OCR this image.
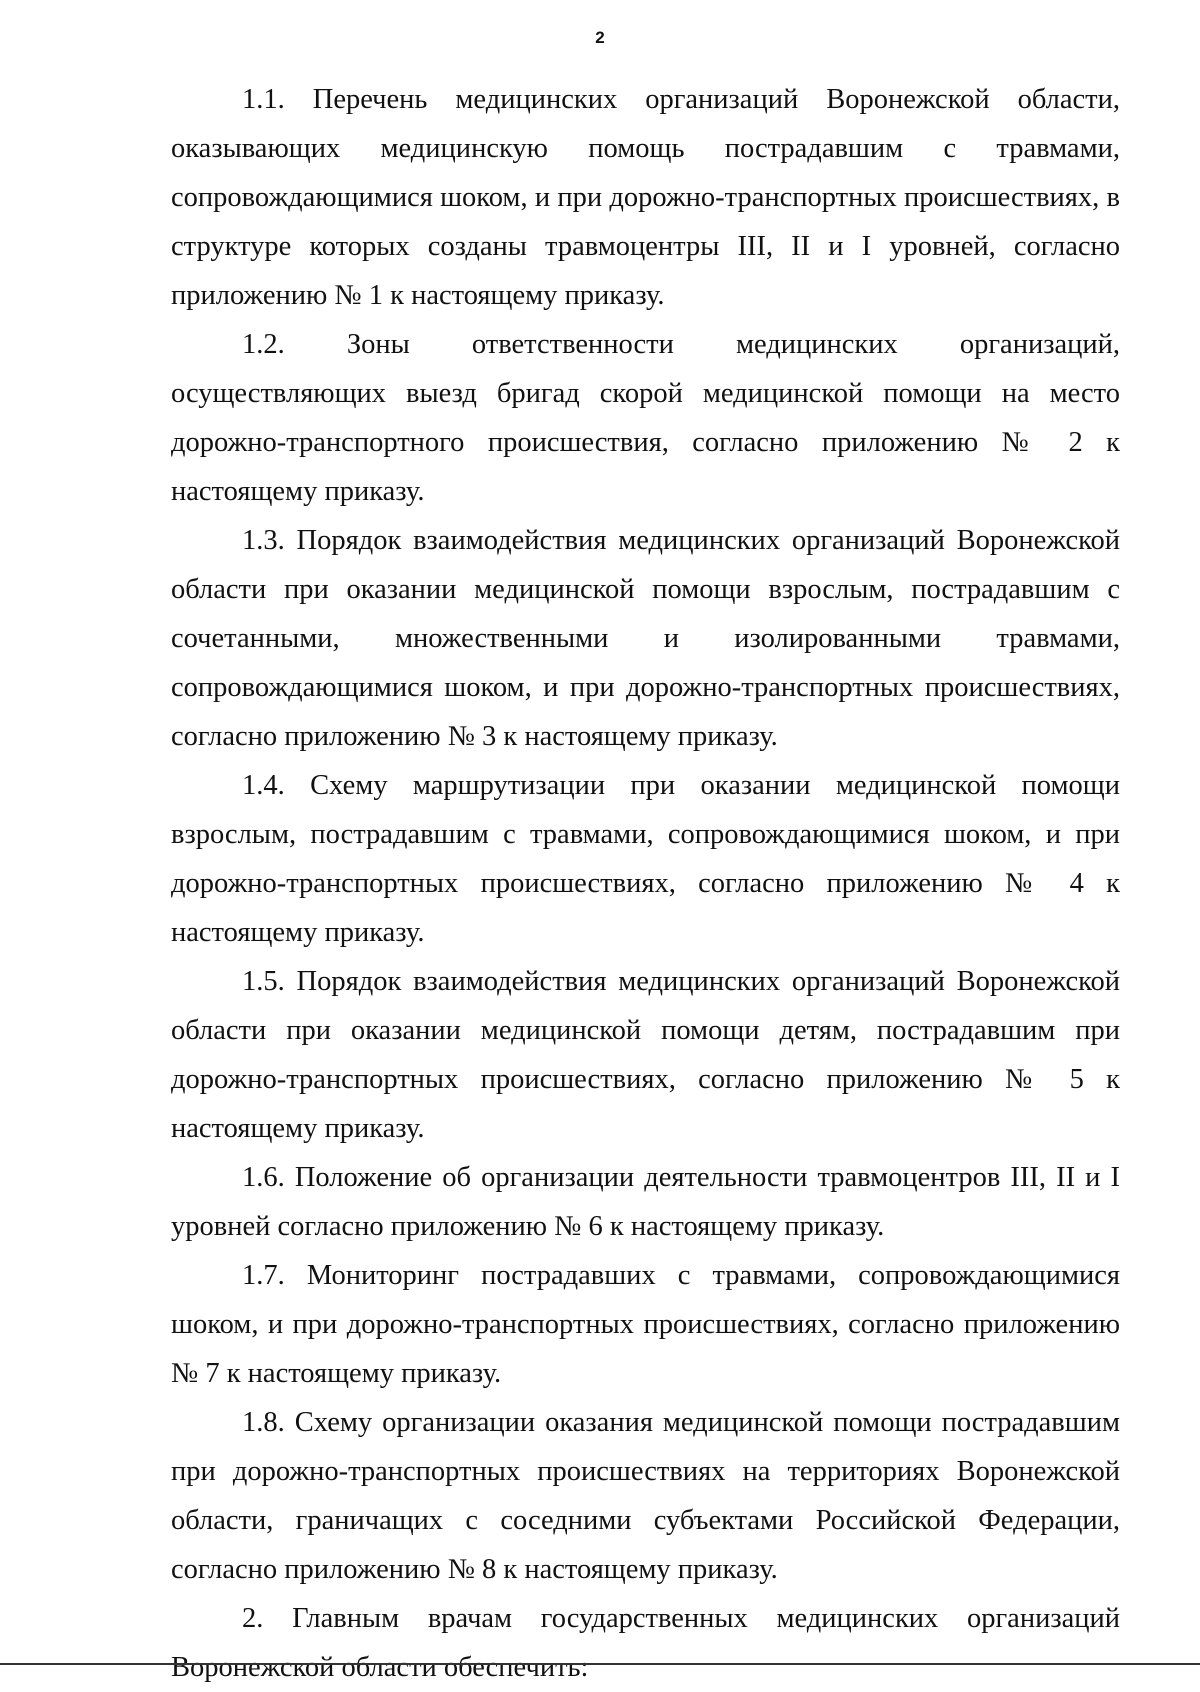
2

1.1. Перечень медицинских организаций Воронежской области, оказывающих медицинскую помощь пострадавшим с травмами, сопровождающимися шоком, и при дорожно-транспортных происшествиях, в структуре которых созданы травмоцентры III, II и I уровней, согласно приложению № 1 к настоящему приказу.

1.2. Зоны ответственности медицинских организаций, осуществляющих выезд бригад скорой медицинской помощи на место дорожно-транспортного происшествия, согласно приложению № 2 к настоящему приказу.

1.3. Порядок взаимодействия медицинских организаций Воронежской области при оказании медицинской помощи взрослым, пострадавшим с сочетанными, множественными и изолированными травмами, сопровождающимися шоком, и при дорожно-транспортных происшествиях, согласно приложению № 3 к настоящему приказу.

1.4. Схему маршрутизации при оказании медицинской помощи взрослым, пострадавшим с травмами, сопровождающимися шоком, и при дорожно-транспортных происшествиях, согласно приложению № 4 к настоящему приказу.

1.5. Порядок взаимодействия медицинских организаций Воронежской области при оказании медицинской помощи детям, пострадавшим при дорожно-транспортных происшествиях, согласно приложению № 5 к настоящему приказу.

1.6. Положение об организации деятельности травмоцентров III, II и I уровней согласно приложению № 6 к настоящему приказу.

1.7. Мониторинг пострадавших с травмами, сопровождающимися шоком, и при дорожно-транспортных происшествиях, согласно приложению № 7 к настоящему приказу.

1.8. Схему организации оказания медицинской помощи пострадавшим при дорожно-транспортных происшествиях на территориях Воронежской области, граничащих с соседними субъектами Российской Федерации, согласно приложению № 8 к настоящему приказу.

2. Главным врачам государственных медицинских организаций Воронежской области обеспечить:
